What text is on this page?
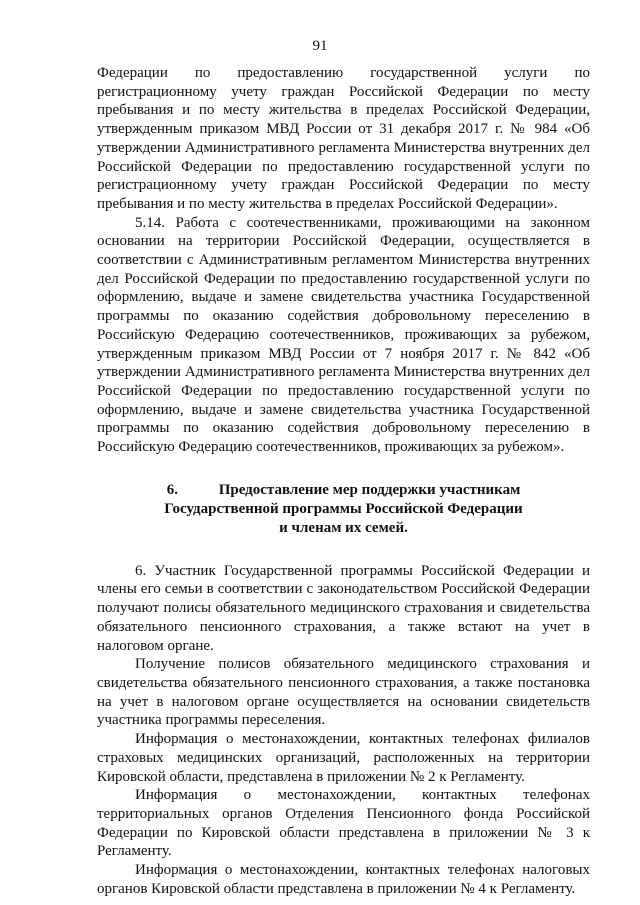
91

Федерации по предоставлению государственной услуги по регистрационному учету граждан Российской Федерации по месту пребывания и по месту жительства в пределах Российской Федерации, утвержденным приказом МВД России от 31 декабря 2017 г. № 984 «Об утверждении Административного регламента Министерства внутренних дел Российской Федерации по предоставлению государственной услуги по регистрационному учету граждан Российской Федерации по месту пребывания и по месту жительства в пределах Российской Федерации».

5.14. Работа с соотечественниками, проживающими на законном основании на территории Российской Федерации, осуществляется в соответствии с Административным регламентом Министерства внутренних дел Российской Федерации по предоставлению государственной услуги по оформлению, выдаче и замене свидетельства участника Государственной программы по оказанию содействия добровольному переселению в Российскую Федерацию соотечественников, проживающих за рубежом, утвержденным приказом МВД России от 7 ноября 2017 г. № 842 «Об утверждении Административного регламента Министерства внутренних дел Российской Федерации по предоставлению государственной услуги по оформлению, выдаче и замене свидетельства участника Государственной программы по оказанию содействия добровольному переселению в Российскую Федерацию соотечественников, проживающих за рубежом».

6.	Предоставление мер поддержки участникам
Государственной программы Российской Федерации
и членам их семей.

6. Участник Государственной программы Российской Федерации и члены его семьи в соответствии с законодательством Российской Федерации получают полисы обязательного медицинского страхования и свидетельства обязательного пенсионного страхования, а также встают на учет в налоговом органе.

Получение полисов обязательного медицинского страхования и свидетельства обязательного пенсионного страхования, а также постановка на учет в налоговом органе осуществляется на основании свидетельств участника программы переселения.

Информация о местонахождении, контактных телефонах филиалов страховых медицинских организаций, расположенных на территории Кировской области, представлена в приложении № 2 к Регламенту.

Информация о местонахождении, контактных телефонах территориальных органов Отделения Пенсионного фонда Российской Федерации по Кировской области представлена в приложении № 3 к Регламенту.

Информация о местонахождении, контактных телефонах налоговых органов Кировской области представлена в приложении № 4 к Регламенту.
